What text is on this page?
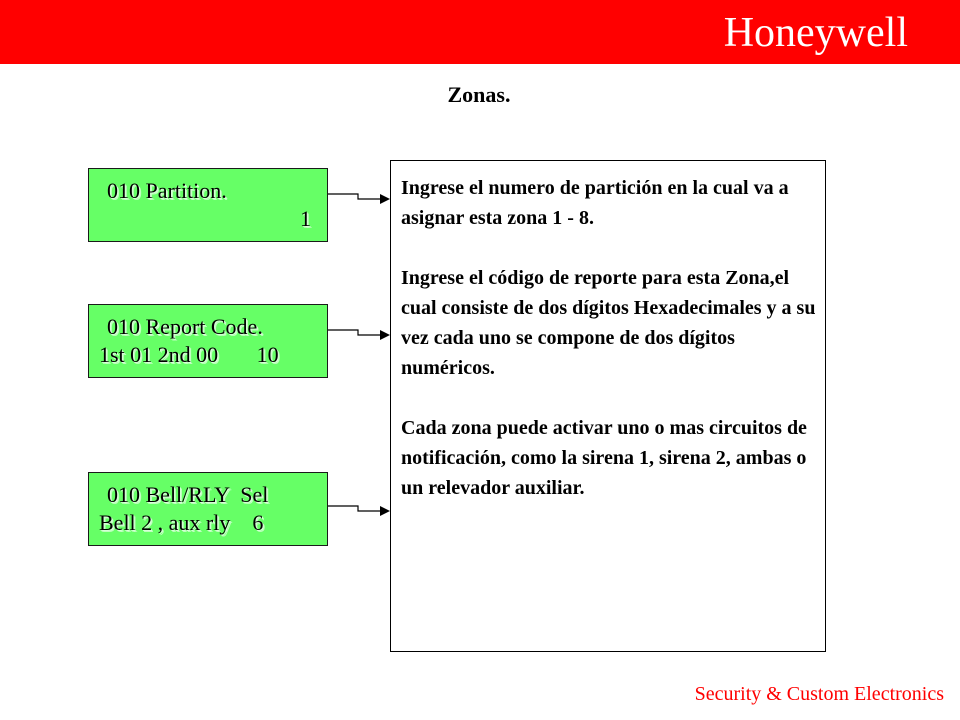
Honeywell
Zonas.
010 Partition.
1
010 Report Code.
1st 01 2nd 00       10
010 Bell/RLY  Sel
Bell 2 , aux rly    6

Ingrese el numero de partición en la cual va a asignar esta zona 1 - 8.

Ingrese el código de reporte para esta Zona,el cual consiste de dos dígitos Hexadecimales y a su vez cada uno se compone de dos dígitos numéricos.

Cada zona puede activar uno o mas circuitos de notificación, como la sirena 1, sirena 2, ambas o un relevador auxiliar.

Security & Custom Electronics
